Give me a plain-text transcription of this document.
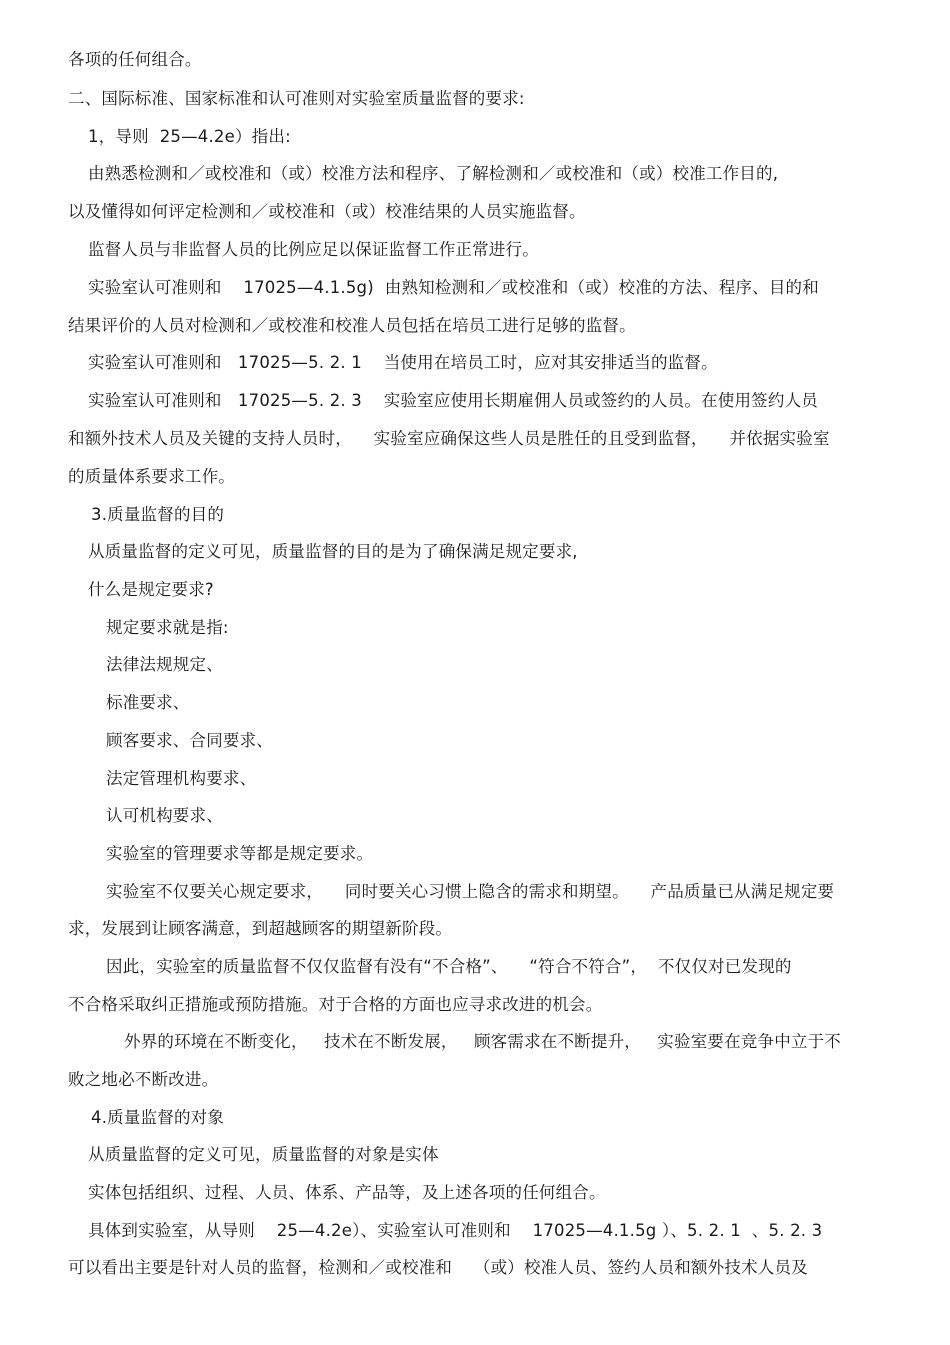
各项的任何组合。
二、国际标准、国家标准和认可准则对实验室质量监督的要求:
1，导则  25—4.2e）指出:
由熟悉检测和／或校准和（或）校准方法和程序、了解检测和／或校准和（或）校准工作目的,
以及懂得如何评定检测和／或校准和（或）校准结果的人员实施监督。
监督人员与非监督人员的比例应足以保证监督工作正常进行。
实验室认可准则和    17025—4.1.5g)  由熟知检测和／或校准和（或）校准的方法、程序、目的和
结果评价的人员对检测和／或校准和校准人员包括在培员工进行足够的监督。
实验室认可准则和   17025—5. 2. 1    当使用在培员工时，应对其安排适当的监督。
实验室认可准则和   17025—5. 2. 3    实验室应使用长期雇佣人员或签约的人员。在使用签约人员
和额外技术人员及关键的支持人员时，    实验室应确保这些人员是胜任的且受到监督，    并依据实验室
的质量体系要求工作。
3.质量监督的目的
从质量监督的定义可见，质量监督的目的是为了确保满足规定要求,
什么是规定要求?
规定要求就是指:
法律法规规定、
标准要求、
顾客要求、合同要求、
法定管理机构要求、
认可机构要求、
实验室的管理要求等都是规定要求。
实验室不仅要关心规定要求，    同时要关心习惯上隐含的需求和期望。    产品质量已从满足规定要
求，发展到让顾客满意，到超越顾客的期望新阶段。
因此，实验室的质量监督不仅仅监督有没有“不合格”、    “符合不符合”，  不仅仅对已发现的
不合格采取纠正措施或预防措施。对于合格的方面也应寻求改进的机会。
外界的环境在不断变化，   技术在不断发展，   顾客需求在不断提升，   实验室要在竞争中立于不
败之地必不断改进。
4.质量监督的对象
从质量监督的定义可见，质量监督的对象是实体
实体包括组织、过程、人员、体系、产品等，及上述各项的任何组合。
具体到实验室，从导则    25—4.2e）、实验室认可准则和    17025—4.1.5g ）、5. 2. 1  、5. 2. 3
可以看出主要是针对人员的监督，检测和／或校准和    （或）校准人员、签约人员和额外技术人员及
